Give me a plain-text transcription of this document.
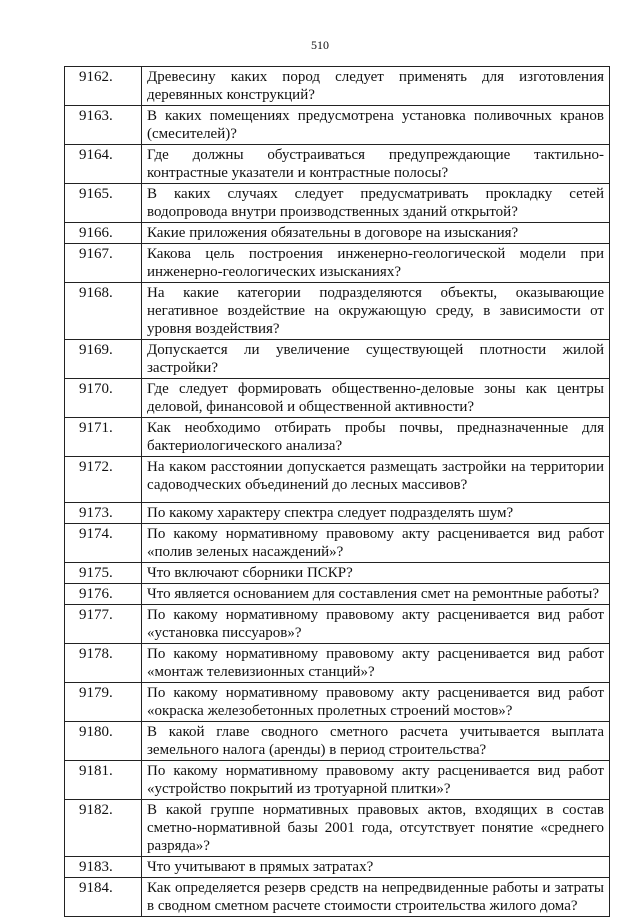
510
9162.	Древесину каких пород следует применять для изготовления деревянных конструкций?
9163.	В каких помещениях предусмотрена установка поливочных кранов (смесителей)?
9164.	Где должны обустраиваться предупреждающие тактильно-контрастные указатели и контрастные полосы?
9165.	В каких случаях следует предусматривать прокладку сетей водопровода внутри производственных зданий открытой?
9166.	Какие приложения обязательны в договоре на изыскания?
9167.	Какова цель построения инженерно-геологической модели при инженерно-геологических изысканиях?
9168.	На какие категории подразделяются объекты, оказывающие негативное воздействие на окружающую среду, в зависимости от уровня воздействия?
9169.	Допускается ли увеличение существующей плотности жилой застройки?
9170.	Где следует формировать общественно-деловые зоны как центры деловой, финансовой и общественной активности?
9171.	Как необходимо отбирать пробы почвы, предназначенные для бактериологического анализа?
9172.	На каком расстоянии допускается размещать застройки на территории садоводческих объединений до лесных массивов?
9173.	По какому характеру спектра следует подразделять шум?
9174.	По какому нормативному правовому акту расценивается вид работ «полив зеленых насаждений»?
9175.	Что включают сборники ПСКР?
9176.	Что является основанием для составления смет на ремонтные работы?
9177.	По какому нормативному правовому акту расценивается вид работ «установка писсуаров»?
9178.	По какому нормативному правовому акту расценивается вид работ «монтаж телевизионных станций»?
9179.	По какому нормативному правовому акту расценивается вид работ «окраска железобетонных пролетных строений мостов»?
9180.	В какой главе сводного сметного расчета учитывается выплата земельного налога (аренды) в период строительства?
9181.	По какому нормативному правовому акту расценивается вид работ «устройство покрытий из тротуарной плитки»?
9182.	В какой группе нормативных правовых актов, входящих в состав сметно-нормативной базы 2001 года, отсутствует понятие «среднего разряда»?
9183.	Что учитывают в прямых затратах?
9184.	Как определяется резерв средств на непредвиденные работы и затраты в сводном сметном расчете стоимости строительства жилого дома?
